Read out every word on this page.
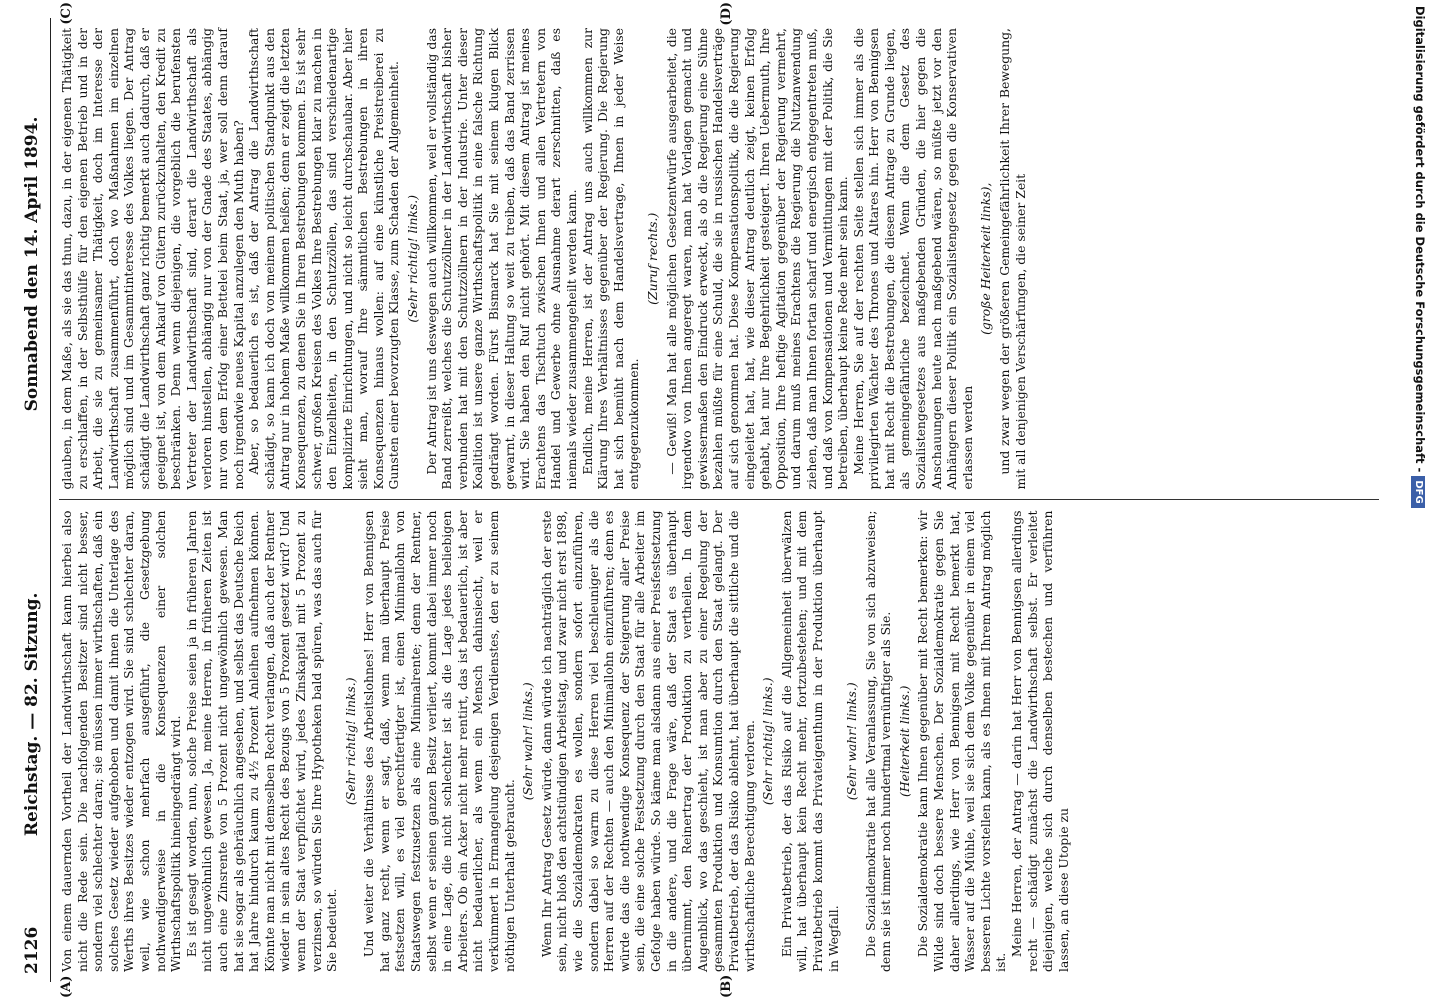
2126
Reichstag. — 82. Sitzung.
Sonnabend den 14. April 1894.
(A)	(B)
(C)	(D)

Von einem dauernden Vortheil der Landwirthschaft kann hierbei also nicht die Rede sein. Die nachfolgenden Besitzer sind nicht besser, sondern viel schlechter daran; sie müssen immer wirthschaften, daß ein solches Gesetz wieder aufgehoben und damit ihnen die Unterlage des Werths ihres Besitzes wieder entzogen wird. Sie sind schlechter daran, weil, wie schon mehrfach ausgeführt, die Gesetzgebung nothwendigerweise in die Konsequenzen einer solchen Wirthschaftspolitik hineingedrängt wird. Es ist gesagt worden, nun, solche Preise seien ja in früheren Jahren nicht ungewöhnlich gewesen. Ja, meine Herren, in früheren Zeiten ist auch eine Zinsrente von 5 Prozent nicht ungewöhnlich gewesen. Man hat sie sogar als gebräuchlich angesehen, und selbst das Deutsche Reich hat Jahre hindurch kaum zu 4½ Prozent Anleihen aufnehmen können. Könnte man nicht mit demselben Recht verlangen, daß auch der Rentner wieder in sein altes Recht des Bezugs von 5 Prozent gesetzt wird? Und wenn der Staat verpflichtet wird, jedes Zinskapital mit 5 Prozent zu verzinsen, so würden Sie Ihre Hypotheken bald spüren, was das auch für Sie bedeutet.

(Sehr richtig! links.) Und weiter die Verhältnisse des Arbeitslohnes! Herr von Bennigsen hat ganz recht, wenn er sagt, daß, wenn man überhaupt Preise festsetzen will, es viel gerechtfertigter ist, einen Minimallohn von Staatswegen festzusetzen als eine Minimalrente; denn der Rentner, selbst wenn er seinen ganzen Besitz verliert, kommt dabei immer noch in eine Lage, die nicht schlechter ist als die Lage jedes beliebigen Arbeiters. Ob ein Acker nicht mehr rentirt, das ist bedauerlich, ist aber nicht bedauerlicher, als wenn ein Mensch dahinsiecht, weil er verkümmert in Ermangelung desjenigen Verdienstes, den er zu seinem nöthigen Unterhalt gebraucht.

(Sehr wahr! links.) Wenn Ihr Antrag Gesetz würde, dann würde ich nachträglich der erste sein, nicht bloß den achtstündigen Arbeitstag, und zwar nicht erst 1898, wie die Sozialdemokraten es wollen, sondern sofort einzuführen, sondern dabei so warm zu diese Herren viel beschleuniger als die Herren auf der Rechten — auch den Minimallohn einzuführen; denn es würde das die nothwendige Konsequenz der Steigerung aller Preise sein, die eine solche Festsetzung durch den Staat für alle Arbeiter im Gefolge haben würde. So käme man alsdann aus einer Preisfestsetzung in die andere, und die Frage wäre, daß der Staat es überhaupt übernimmt, den Reinertrag der Produktion zu vertheilen. In dem Augenblick, wo das geschieht, ist man aber zu einer Regelung der gesammten Produktion und Konsumtion durch den Staat gelangt. Der Privatbetrieb, der das Risiko ablehnt, hat überhaupt die sittliche und die wirthschaftliche Berechtigung verloren. (Sehr richtig! links.) Ein Privatbetrieb, der das Risiko auf die Allgemeinheit überwälzen will, hat überhaupt kein Recht mehr, fortzubestehen; und mit dem Privatbetrieb kommt das Privateigenthum in der Produktion überhaupt in Wegfall.

(Sehr wahr! links.) Die Sozialdemokratie hat alle Veranlassung, Sie von sich abzuweisen; denn sie ist immer noch hundertmal vernünftiger als Sie. (Heiterkeit links.) Die Sozialdemokratie kann Ihnen gegenüber mit Recht bemerken: wir Wilde sind doch bessere Menschen. Der Sozialdemokratie gegen Sie daher allerdings, wie Herr von Bennigsen mit Recht bemerkt hat, Wasser auf die Mühle, weil sie sich dem Volke gegenüber in einem viel besseren Lichte vorstellen kann, als es Ihnen mit Ihrem Antrag möglich ist.

Meine Herren, der Antrag — darin hat Herr von Bennigsen allerdings recht — schädigt zunächst die Landwirthschaft selbst. Er verleitet diejenigen, welche sich durch denselben bestechen und verführen lassen, an diese Utopie zu

glauben, in dem Maße, als sie das thun, dazu, in der eigenen Thätigkeit zu erschlaffen, in der Selbsthülfe für den eigenen Betrieb und in der Arbeit, die sie zu gemeinsamer Thätigkeit, doch im Interesse der Landwirthschaft zusammenführt, doch wo Maßnahmen im einzelnen möglich sind und im Gesammtinteresse des Volkes liegen. Der Antrag schädigt die Landwirthschaft ganz richtig bemerkt auch dadurch, daß er geeignet ist, von dem Ankauf von Gütern zurückzuhalten, den Kredit zu beschränken. Denn wenn diejenigen, die vorgeblich die berufensten Vertreter der Landwirthschaft sind, derart die Landwirthschaft als verloren hinstellen, abhängig nur von der Gnade des Staates, abhängig nur von dem Erfolg einer Bettelei beim Staat, ja, wer soll denn darauf noch irgendwie neues Kapital anzulegen den Muth haben? Aber, so bedauerlich es ist, daß der Antrag die Landwirthschaft schädigt, so kann ich doch von meinem politischen Standpunkt aus den Antrag nur in hohem Maße willkommen heißen; denn er zeigt die letzten Konsequenzen, zu denen Sie in Ihren Bestrebungen kommen. Es ist sehr schwer, großen Kreisen des Volkes Ihre Bestrebungen klar zu machen in den Einzelheiten, in den Schutzzöllen, das sind verschiedenartige komplizirte Einrichtungen, und nicht so leicht durchschaubar. Aber hier sieht man, worauf Ihre sämmtlichen Bestrebungen in ihren Konsequenzen hinaus wollen: auf eine künstliche Preistreiberei zu Gunsten einer bevorzugten Klasse, zum Schaden der Allgemeinheit. (Sehr richtig! links.) Der Antrag ist uns deswegen auch willkommen, weil er vollständig das Band zerreißt, welches die Schutzzöllner in der Landwirthschaft bisher verbunden hat mit den Schutzzöllnern in der Industrie. Unter dieser Koalition ist unsere ganze Wirthschaftspolitik in eine falsche Richtung gedrängt worden. Fürst Bismarck hat Sie mit seinem klugen Blick gewarnt, in dieser Haltung so weit zu treiben, daß das Band zerrissen wird. Sie haben den Ruf nicht gehört. Mit diesem Antrag ist meines Erachtens das Tischtuch zwischen Ihnen und allen Vertretern von Handel und Gewerbe ohne Ausnahme derart zerschnitten, daß es niemals wieder zusammengeheilt werden kann. Endlich, meine Herren, ist der Antrag uns auch willkommen zur Klärung Ihres Verhältnisses gegenüber der Regierung. Die Regierung hat sich bemüht nach dem Handelsvertrage, Ihnen in jeder Weise entgegenzukommen.

(Zuruf rechts.) — Gewiß! Man hat alle möglichen Gesetzentwürfe ausgearbeitet, die irgendwo von Ihnen angeregt waren, man hat Vorlagen gemacht und gewissermaßen den Eindruck erweckt, als ob die Regierung eine Sühne bezahlen müßte für eine Schuld, die sie in russischen Handelsverträge auf sich genommen hat. Diese Kompensationspolitik, die die Regierung eingeleitet hat, hat, wie dieser Antrag deutlich zeigt, keinen Erfolg gehabt, hat nur Ihre Begehrlichkeit gesteigert. Ihren Uebermuth, Ihre Opposition, Ihre heftige Agitation gegenüber der Regierung vermehrt, und darum muß meines Erachtens die Regierung die Nutzanwendung ziehen, daß man Ihnen fortan scharf und energisch entgegentreten muß, und daß von Kompensationen und Vermittlungen mit der Politik, die Sie betreiben, überhaupt keine Rede mehr sein kann. Meine Herren, Sie auf der rechten Seite stellen sich immer als die privilegirten Wächter des Thrones und Altares hin. Herr von Bennigsen hat mit Recht die Bestrebungen, die diesem Antrage zu Grunde liegen, als gemeingefährliche bezeichnet. Wenn die dem Gesetz des Sozialistengesetzes aus maßgebenden Gründen, die hier gegen die Anschauungen heute nach maßgebend wären, so müßte jetzt vor den Anhängern dieser Politik ein Sozialistengesetz gegen die Konservativen erlassen werden

(große Heiterkeit links), und zwar wegen der größeren Gemeingefährlichkeit Ihrer Bewegung, mit all denjenigen Verschärfungen, die seiner Zeit	Digitalisierung gefördert durch die Deutsche Forschungsgemeinschaft - DFG
